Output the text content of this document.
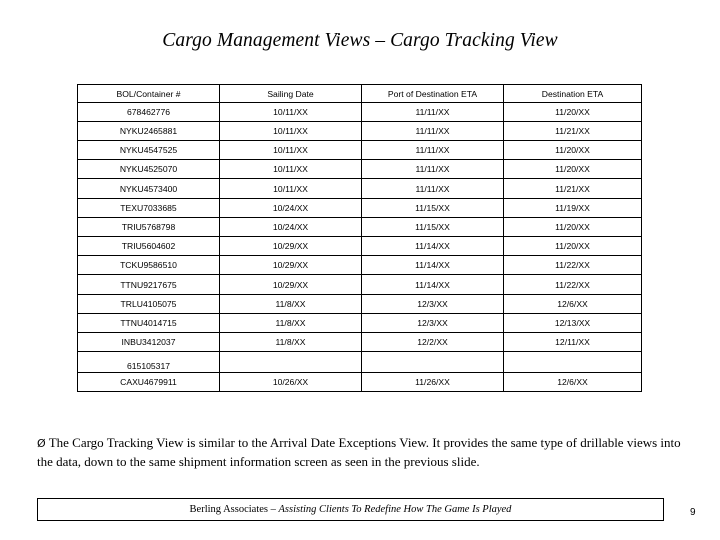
Cargo Management Views – Cargo Tracking View
BOL/Container #	Sailing Date	Port of Destination ETA	Destination ETA
678462776	10/11/XX	11/11/XX	11/20/XX
NYKU2465881	10/11/XX	11/11/XX	11/21/XX
NYKU4547525	10/11/XX	11/11/XX	11/20/XX
NYKU4525070	10/11/XX	11/11/XX	11/20/XX
NYKU4573400	10/11/XX	11/11/XX	11/21/XX
TEXU7033685	10/24/XX	11/15/XX	11/19/XX
TRIU5768798	10/24/XX	11/15/XX	11/20/XX
TRIU5604602	10/29/XX	11/14/XX	11/20/XX
TCKU9586510	10/29/XX	11/14/XX	11/22/XX
TTNU9217675	10/29/XX	11/14/XX	11/22/XX
TRLU4105075	11/8/XX	12/3/XX	12/6/XX
TTNU4014715	11/8/XX	12/3/XX	12/13/XX
INBU3412037	11/8/XX	12/2/XX	12/11/XX
615105317			
CAXU4679911	10/26/XX	11/26/XX	12/6/XX
Ø The Cargo Tracking View is similar to the Arrival Date Exceptions View. It provides the same type of drillable views into the data, down to the same shipment information screen as seen in the previous slide.
Berling Associates – Assisting Clients To Redefine How The Game Is Played	9
